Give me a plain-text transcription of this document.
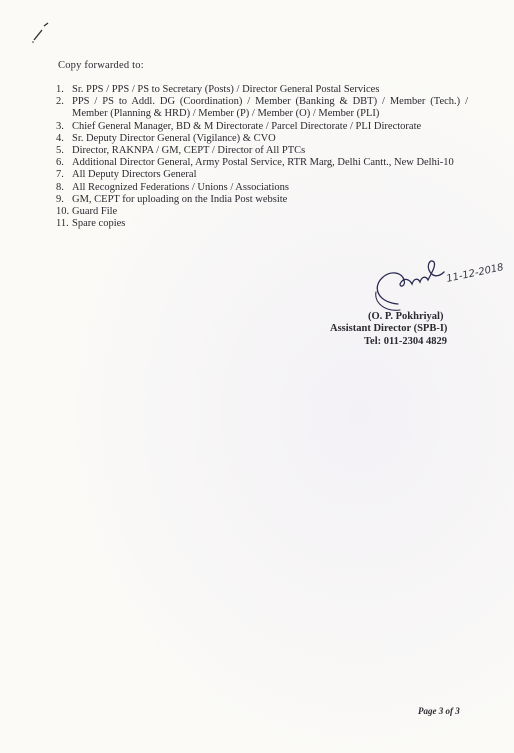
Copy forwarded to:
1. Sr. PPS / PPS / PS to Secretary (Posts) / Director General Postal Services
2. PPS / PS to Addl. DG (Coordination) / Member (Banking & DBT) / Member (Tech.) / Member (Planning & HRD) / Member (P) / Member (O) / Member (PLI)
3. Chief General Manager, BD & M Directorate / Parcel Directorate / PLI Directorate
4. Sr. Deputy Director General (Vigilance) & CVO
5. Director, RAKNPA / GM, CEPT / Director of All PTCs
6. Additional Director General, Army Postal Service, RTR Marg, Delhi Cantt., New Delhi-10
7. All Deputy Directors General
8. All Recognized Federations / Unions / Associations
9. GM, CEPT for uploading on the India Post website
10. Guard File
11. Spare copies
11-12-2018
(O. P. Pokhriyal)
Assistant Director (SPB-I)
Tel: 011-2304 4829
Page 3 of 3
